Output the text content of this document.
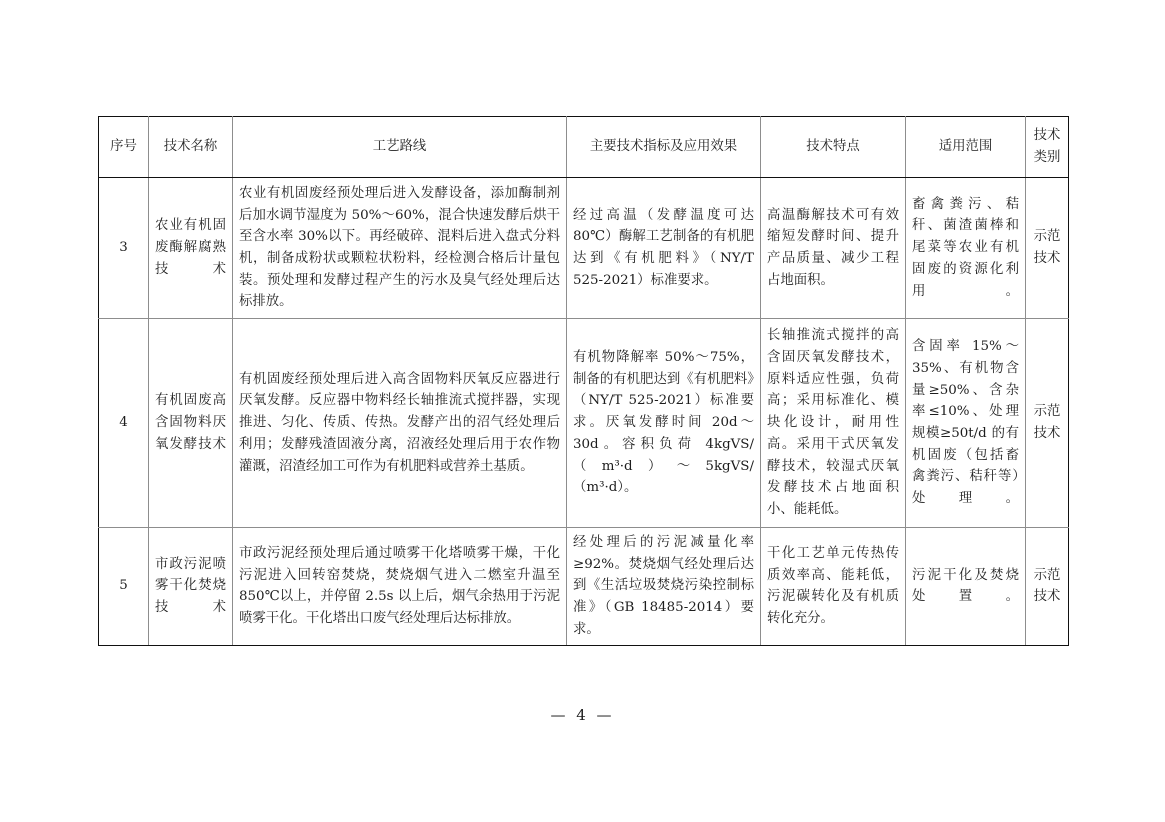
序号	技术名称	工艺路线	主要技术指标及应用效果	技术特点	适用范围	技术类别
3	农业有机固废酶解腐熟技术	农业有机固废经预处理后进入发酵设备，添加酶制剂后加水调节湿度为 50%～60%，混合快速发酵后烘干至含水率 30%以下。再经破碎、混料后进入盘式分料机，制备成粉状或颗粒状粉料，经检测合格后计量包装。预处理和发酵过程产生的污水及臭气经处理后达标排放。	经过高温（发酵温度可达 80℃）酶解工艺制备的有机肥达到《有机肥料》（NY/T 525-2021）标准要求。	高温酶解技术可有效缩短发酵时间、提升产品质量、减少工程占地面积。	畜禽粪污、秸秆、菌渣菌棒和尾菜等农业有机固废的资源化利用。	示范技术
4	有机固废高含固物料厌氧发酵技术	有机固废经预处理后进入高含固物料厌氧反应器进行厌氧发酵。反应器中物料经长轴推流式搅拌器，实现推进、匀化、传质、传热。发酵产出的沼气经处理后利用；发酵残渣固液分离，沼液经处理后用于农作物灌溉，沼渣经加工可作为有机肥料或营养土基质。	有机物降解率 50%～75%，制备的有机肥达到《有机肥料》（NY/T 525-2021）标准要求。厌氧发酵时间 20d～30d。容积负荷 4kgVS/（m³·d）～5kgVS/（m³·d）。	长轴推流式搅拌的高含固厌氧发酵技术，原料适应性强，负荷高；采用标准化、模块化设计，耐用性高。采用干式厌氧发酵技术，较湿式厌氧发酵技术占地面积小、能耗低。	含固率 15%～35%、有机物含量≥50%、含杂率≤10%、处理规模≥50t/d 的有机固废（包括畜禽粪污、秸秆等）处理。	示范技术
5	市政污泥喷雾干化焚烧技术	市政污泥经预处理后通过喷雾干化塔喷雾干燥，干化污泥进入回转窑焚烧，焚烧烟气进入二燃室升温至 850℃以上，并停留 2.5s 以上后，烟气余热用于污泥喷雾干化。干化塔出口废气经处理后达标排放。	经处理后的污泥减量化率≥92%。焚烧烟气经处理后达到《生活垃圾焚烧污染控制标准》（GB 18485-2014）要求。	干化工艺单元传热传质效率高、能耗低，污泥碳转化及有机质转化充分。	污泥干化及焚烧处置。	示范技术
— 4 —
